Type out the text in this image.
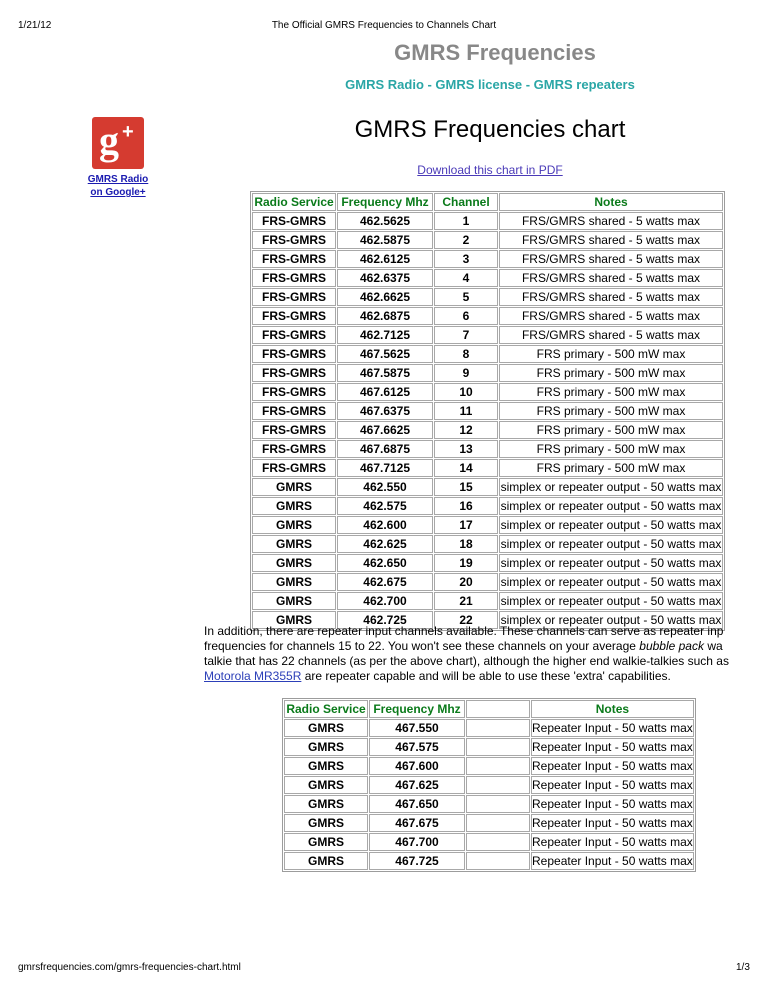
1/21/12	The Official GMRS Frequencies to Channels Chart
GMRS Frequencies
GMRS Radio - GMRS license - GMRS repeaters
g +
GMRS Radio
on Google+
GMRS Frequencies chart
Download this chart in PDF
Radio Service	Frequency Mhz	Channel	Notes
FRS-GMRS	462.5625	1	FRS/GMRS shared - 5 watts max
FRS-GMRS	462.5875	2	FRS/GMRS shared - 5 watts max
FRS-GMRS	462.6125	3	FRS/GMRS shared - 5 watts max
FRS-GMRS	462.6375	4	FRS/GMRS shared - 5 watts max
FRS-GMRS	462.6625	5	FRS/GMRS shared - 5 watts max
FRS-GMRS	462.6875	6	FRS/GMRS shared - 5 watts max
FRS-GMRS	462.7125	7	FRS/GMRS shared - 5 watts max
FRS-GMRS	467.5625	8	FRS primary - 500 mW max
FRS-GMRS	467.5875	9	FRS primary - 500 mW max
FRS-GMRS	467.6125	10	FRS primary - 500 mW max
FRS-GMRS	467.6375	11	FRS primary - 500 mW max
FRS-GMRS	467.6625	12	FRS primary - 500 mW max
FRS-GMRS	467.6875	13	FRS primary - 500 mW max
FRS-GMRS	467.7125	14	FRS primary - 500 mW max
GMRS	462.550	15	simplex or repeater output - 50 watts max
GMRS	462.575	16	simplex or repeater output - 50 watts max
GMRS	462.600	17	simplex or repeater output - 50 watts max
GMRS	462.625	18	simplex or repeater output - 50 watts max
GMRS	462.650	19	simplex or repeater output - 50 watts max
GMRS	462.675	20	simplex or repeater output - 50 watts max
GMRS	462.700	21	simplex or repeater output - 50 watts max
GMRS	462.725	22	simplex or repeater output - 50 watts max
In addition, there are repeater input channels available. These channels can serve as repeater inp
frequencies for channels 15 to 22. You won't see these channels on your average bubble pack wa
talkie that has 22 channels (as per the above chart), although the higher end walkie-talkies such as
Motorola MR355R are repeater capable and will be able to use these 'extra' capabilities.
Radio Service	Frequency Mhz		Notes
GMRS	467.550		Repeater Input - 50 watts max
GMRS	467.575		Repeater Input - 50 watts max
GMRS	467.600		Repeater Input - 50 watts max
GMRS	467.625		Repeater Input - 50 watts max
GMRS	467.650		Repeater Input - 50 watts max
GMRS	467.675		Repeater Input - 50 watts max
GMRS	467.700		Repeater Input - 50 watts max
GMRS	467.725		Repeater Input - 50 watts max
gmrsfrequencies.com/gmrs-frequencies-chart.html	1/3
